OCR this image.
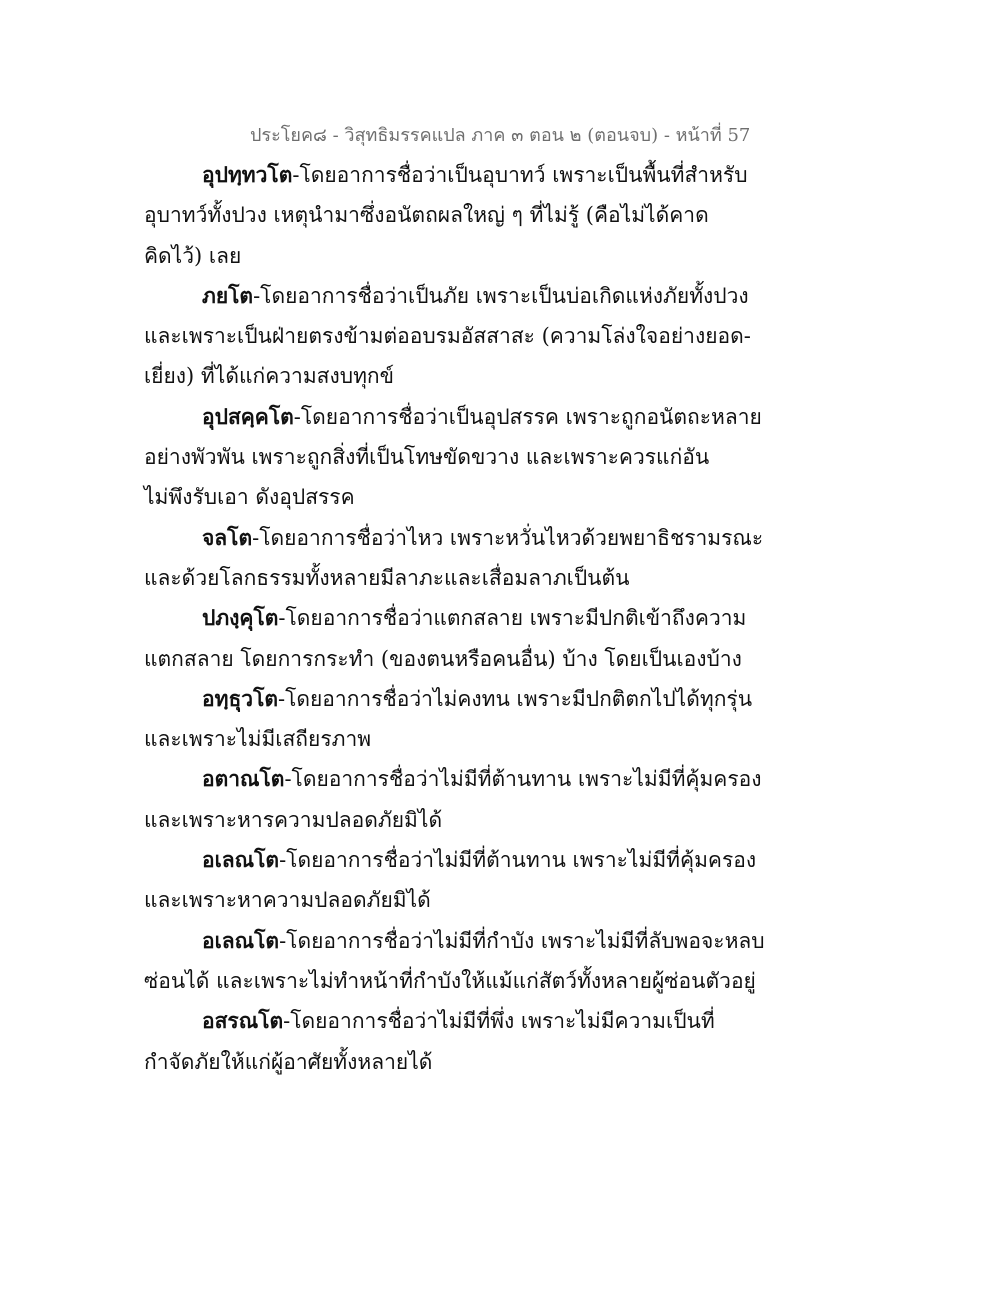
ประโยค๘ - วิสุทธิมรรคแปล ภาค ๓ ตอน ๒ (ตอนจบ) - หน้าที่ 57
อุปทฺทวโต-โดยอาการชื่อว่าเป็นอุบาทว์ เพราะเป็นพื้นที่สำหรับ
อุบาทว์ทั้งปวง เหตุนำมาซึ่งอนัตถผลใหญ่ ๆ ที่ไม่รู้ (คือไม่ได้คาด
คิดไว้) เลย
ภยโต-โดยอาการชื่อว่าเป็นภัย เพราะเป็นบ่อเกิดแห่งภัยทั้งปวง
และเพราะเป็นฝ่ายตรงข้ามต่ออบรมอัสสาสะ (ความโล่งใจอย่างยอด-
เยี่ยง) ที่ได้แก่ความสงบทุกข์
อุปสคฺคโต-โดยอาการชื่อว่าเป็นอุปสรรค เพราะถูกอนัตถะหลาย
อย่างพัวพัน เพราะถูกสิ่งที่เป็นโทษขัดขวาง และเพราะควรแก่อัน
ไม่พึงรับเอา ดังอุปสรรค
จลโต-โดยอาการชื่อว่าไหว เพราะหวั่นไหวด้วยพยาธิชรามรณะ
และด้วยโลกธรรมทั้งหลายมีลาภะและเสื่อมลาภเป็นต้น
ปภงฺคุโต-โดยอาการชื่อว่าแตกสลาย เพราะมีปกติเข้าถึงความ
แตกสลาย โดยการกระทำ (ของตนหรือคนอื่น) บ้าง โดยเป็นเองบ้าง
อทฺธุวโต-โดยอาการชื่อว่าไม่คงทน เพราะมีปกติตกไปได้ทุกรุ่น
และเพราะไม่มีเสถียรภาพ
อตาณโต-โดยอาการชื่อว่าไม่มีที่ต้านทาน เพราะไม่มีที่คุ้มครอง
และเพราะหารความปลอดภัยมิได้
อเลณโต-โดยอาการชื่อว่าไม่มีที่ต้านทาน เพราะไม่มีที่คุ้มครอง
และเพราะหาความปลอดภัยมิได้
อเลณโต-โดยอาการชื่อว่าไม่มีที่กำบัง เพราะไม่มีที่ลับพอจะหลบ
ซ่อนได้ และเพราะไม่ทำหน้าที่กำบังให้แม้แก่สัตว์ทั้งหลายผู้ซ่อนตัวอยู่
อสรณโต-โดยอาการชื่อว่าไม่มีที่พึ่ง เพราะไม่มีความเป็นที่
กำจัดภัยให้แก่ผู้อาศัยทั้งหลายได้
